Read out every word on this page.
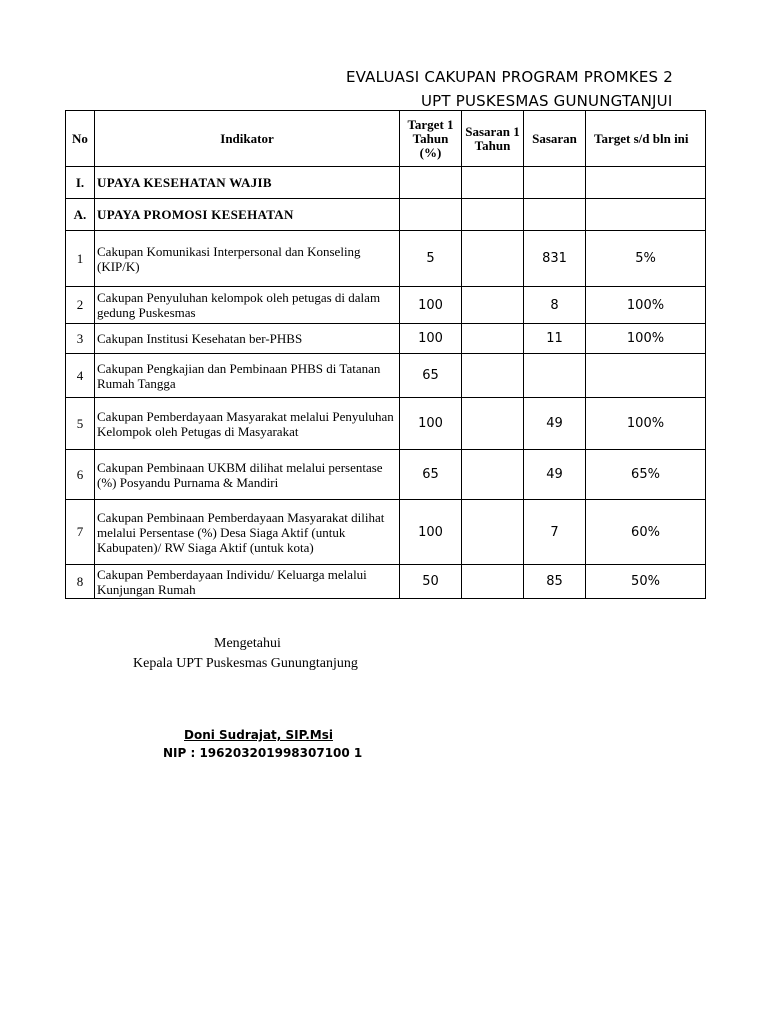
EVALUASI CAKUPAN PROGRAM PROMKES 2
UPT PUSKESMAS GUNUNGTANJUI
No	Indikator	Target 1 Tahun (%)	Sasaran 1 Tahun	Sasaran	Target s/d bln ini
I.	UPAYA KESEHATAN WAJIB				
A.	UPAYA PROMOSI KESEHATAN				
1	Cakupan Komunikasi Interpersonal dan Konseling (KIP/K)	5		831	5%
2	Cakupan Penyuluhan kelompok oleh petugas di dalam gedung Puskesmas	100		8	100%
3	Cakupan Institusi Kesehatan ber-PHBS	100		11	100%
4	Cakupan Pengkajian dan Pembinaan PHBS di Tatanan Rumah Tangga	65			
5	Cakupan Pemberdayaan Masyarakat melalui Penyuluhan Kelompok oleh Petugas di Masyarakat	100		49	100%
6	Cakupan Pembinaan UKBM dilihat melalui persentase (%) Posyandu Purnama & Mandiri	65		49	65%
7	Cakupan Pembinaan Pemberdayaan Masyarakat dilihat melalui Persentase (%) Desa Siaga Aktif (untuk Kabupaten)/ RW Siaga Aktif (untuk kota)	100		7	60%
8	Cakupan Pemberdayaan Individu/ Keluarga melalui Kunjungan Rumah	50		85	50%
Mengetahui
Kepala UPT Puskesmas Gunungtanjung
Doni Sudrajat, SIP.Msi
NIP : 196203201998307100 1
